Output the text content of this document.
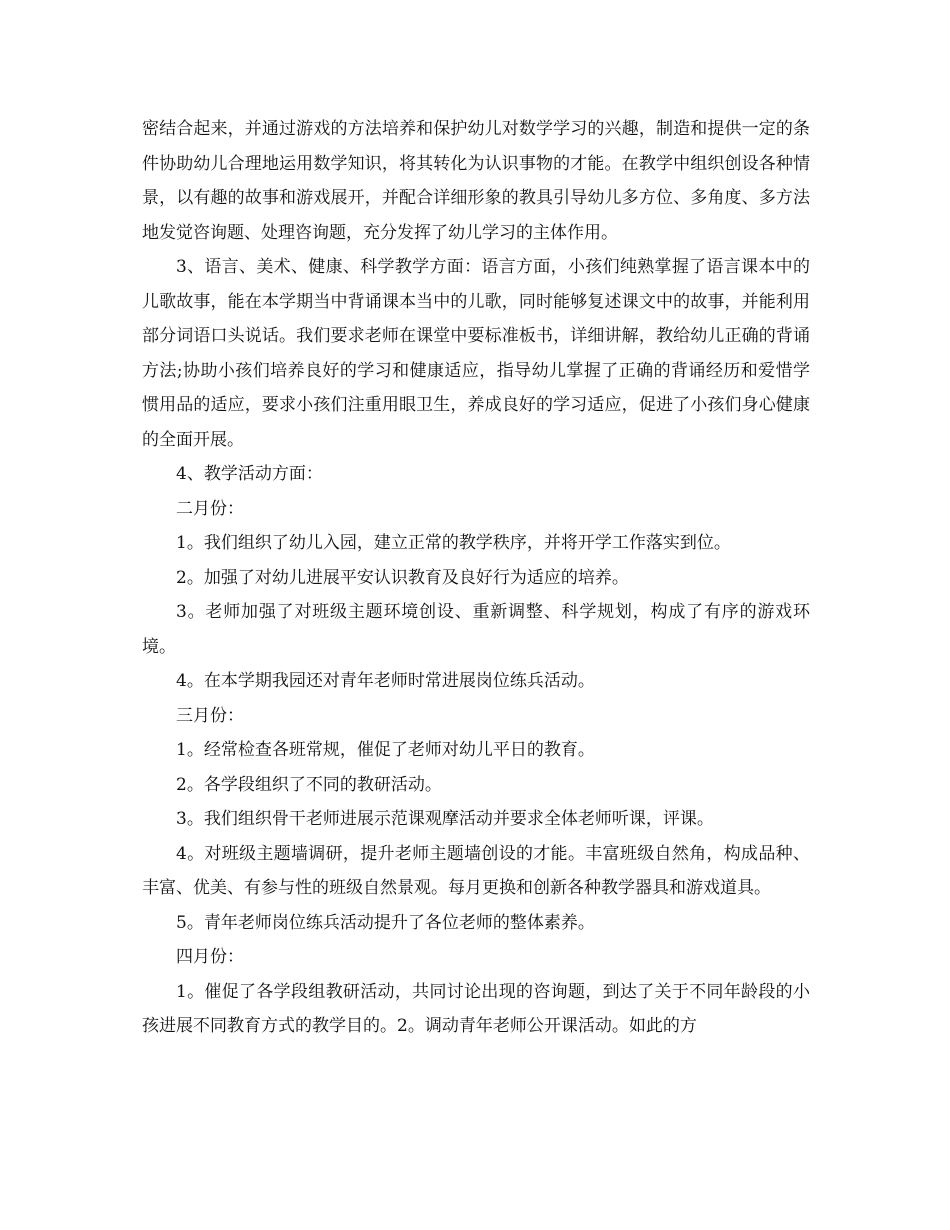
密结合起来，并通过游戏的方法培养和保护幼儿对数学学习的兴趣，制造和提供一定的条件协助幼儿合理地运用数学知识，将其转化为认识事物的才能。在教学中组织创设各种情景，以有趣的故事和游戏展开，并配合详细形象的教具引导幼儿多方位、多角度、多方法地发觉咨询题、处理咨询题，充分发挥了幼儿学习的主体作用。

3、语言、美术、健康、科学教学方面：语言方面，小孩们纯熟掌握了语言课本中的儿歌故事，能在本学期当中背诵课本当中的儿歌，同时能够复述课文中的故事，并能利用部分词语口头说话。我们要求老师在课堂中要标准板书，详细讲解，教给幼儿正确的背诵方法;协助小孩们培养良好的学习和健康适应，指导幼儿掌握了正确的背诵经历和爱惜学惯用品的适应，要求小孩们注重用眼卫生，养成良好的学习适应，促进了小孩们身心健康的全面开展。

4、教学活动方面：

二月份：

1。我们组织了幼儿入园，建立正常的教学秩序，并将开学工作落实到位。

2。加强了对幼儿进展平安认识教育及良好行为适应的培养。

3。老师加强了对班级主题环境创设、重新调整、科学规划，构成了有序的游戏环境。

4。在本学期我园还对青年老师时常进展岗位练兵活动。

三月份：

1。经常检查各班常规，催促了老师对幼儿平日的教育。

2。各学段组织了不同的教研活动。

3。我们组织骨干老师进展示范课观摩活动并要求全体老师听课，评课。

4。对班级主题墙调研，提升老师主题墙创设的才能。丰富班级自然角，构成品种、丰富、优美、有参与性的班级自然景观。每月更换和创新各种教学器具和游戏道具。

5。青年老师岗位练兵活动提升了各位老师的整体素养。

四月份：

1。催促了各学段组教研活动，共同讨论出现的咨询题，到达了关于不同年龄段的小孩进展不同教育方式的教学目的。2。调动青年老师公开课活动。如此的方
